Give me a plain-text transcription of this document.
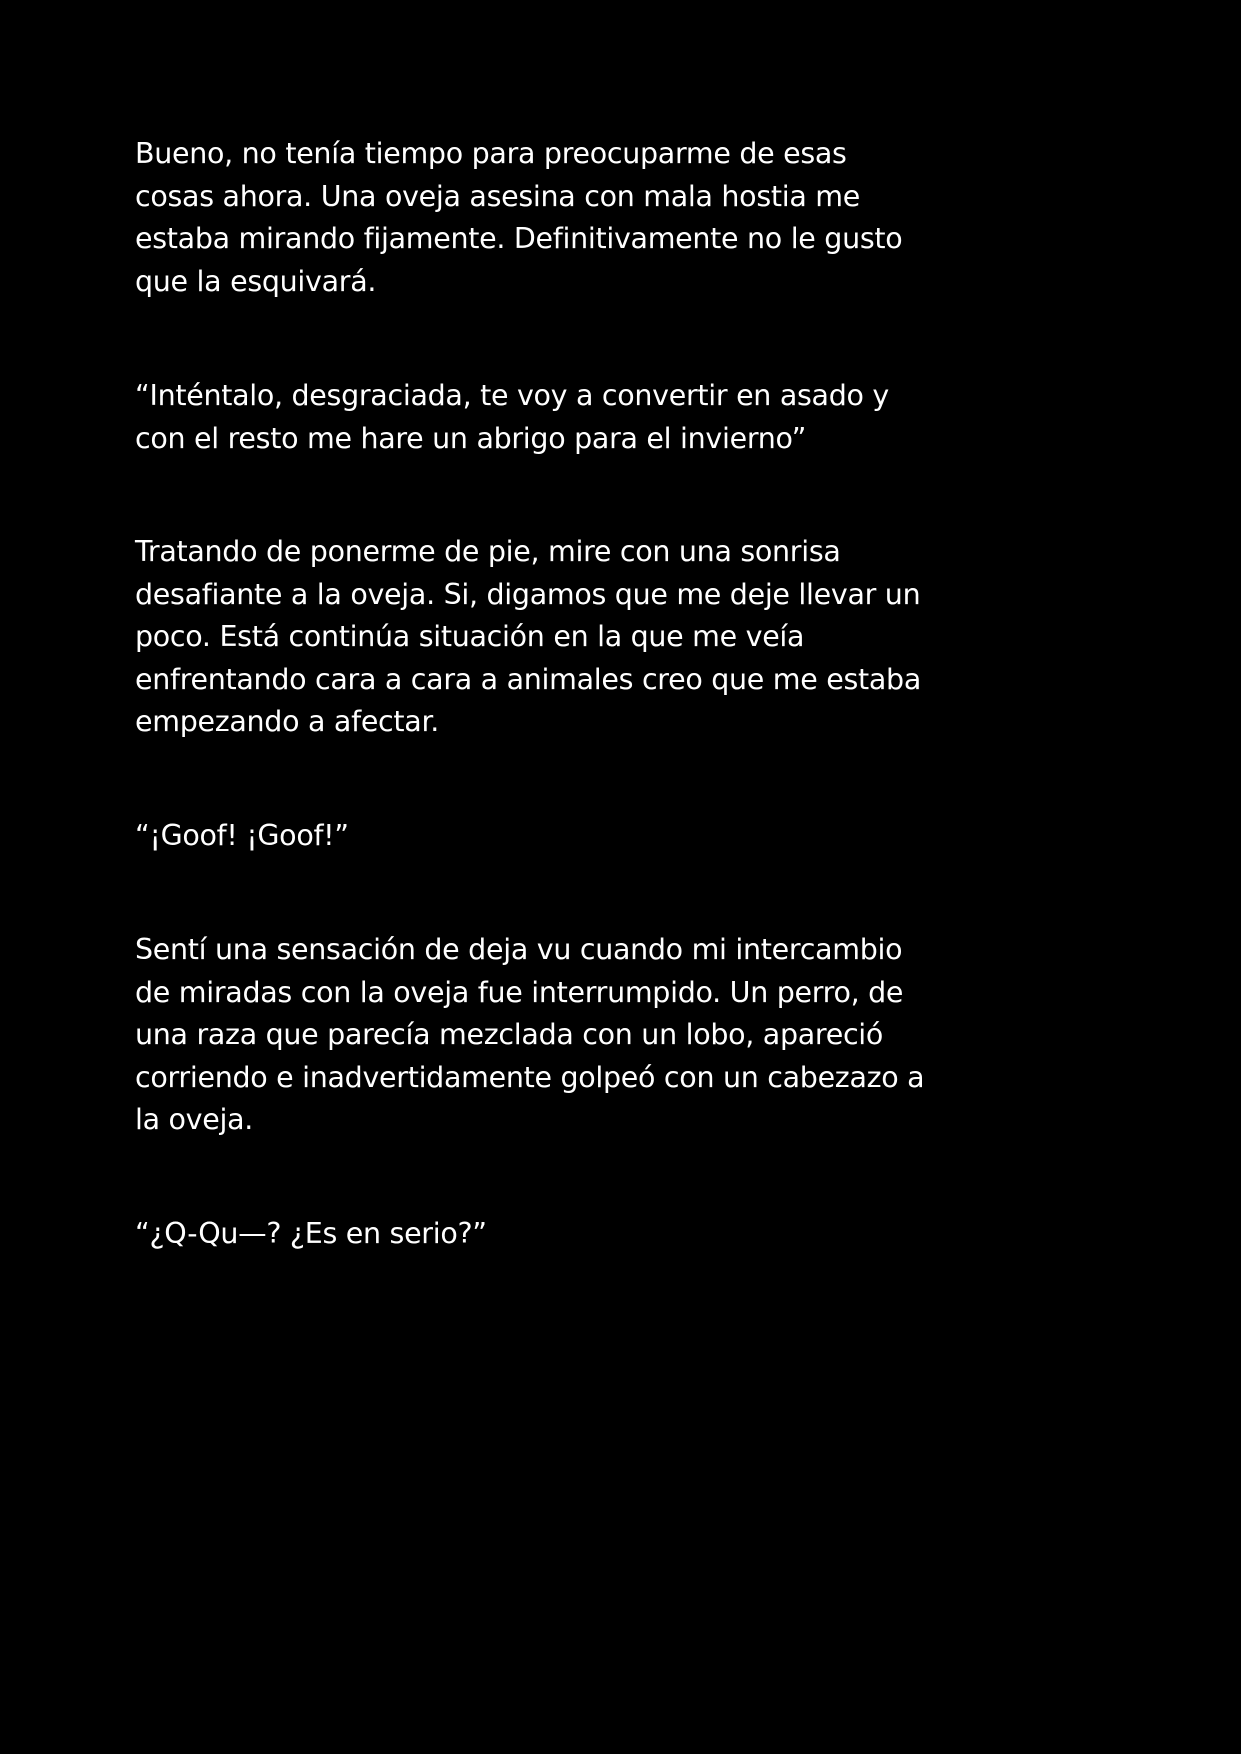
Bueno, no tenía tiempo para preocuparme de esas
cosas ahora. Una oveja asesina con mala hostia me
estaba mirando fijamente. Definitivamente no le gusto
que la esquivará.

“Inténtalo, desgraciada, te voy a convertir en asado y
con el resto me hare un abrigo para el invierno”

Tratando de ponerme de pie, mire con una sonrisa
desafiante a la oveja. Si, digamos que me deje llevar un
poco. Está continúa situación en la que me veía
enfrentando cara a cara a animales creo que me estaba
empezando a afectar.

“¡Goof! ¡Goof!”

Sentí una sensación de deja vu cuando mi intercambio
de miradas con la oveja fue interrumpido. Un perro, de
una raza que parecía mezclada con un lobo, apareció
corriendo e inadvertidamente golpeó con un cabezazo a
la oveja.

“¿Q-Qu—? ¿Es en serio?”
